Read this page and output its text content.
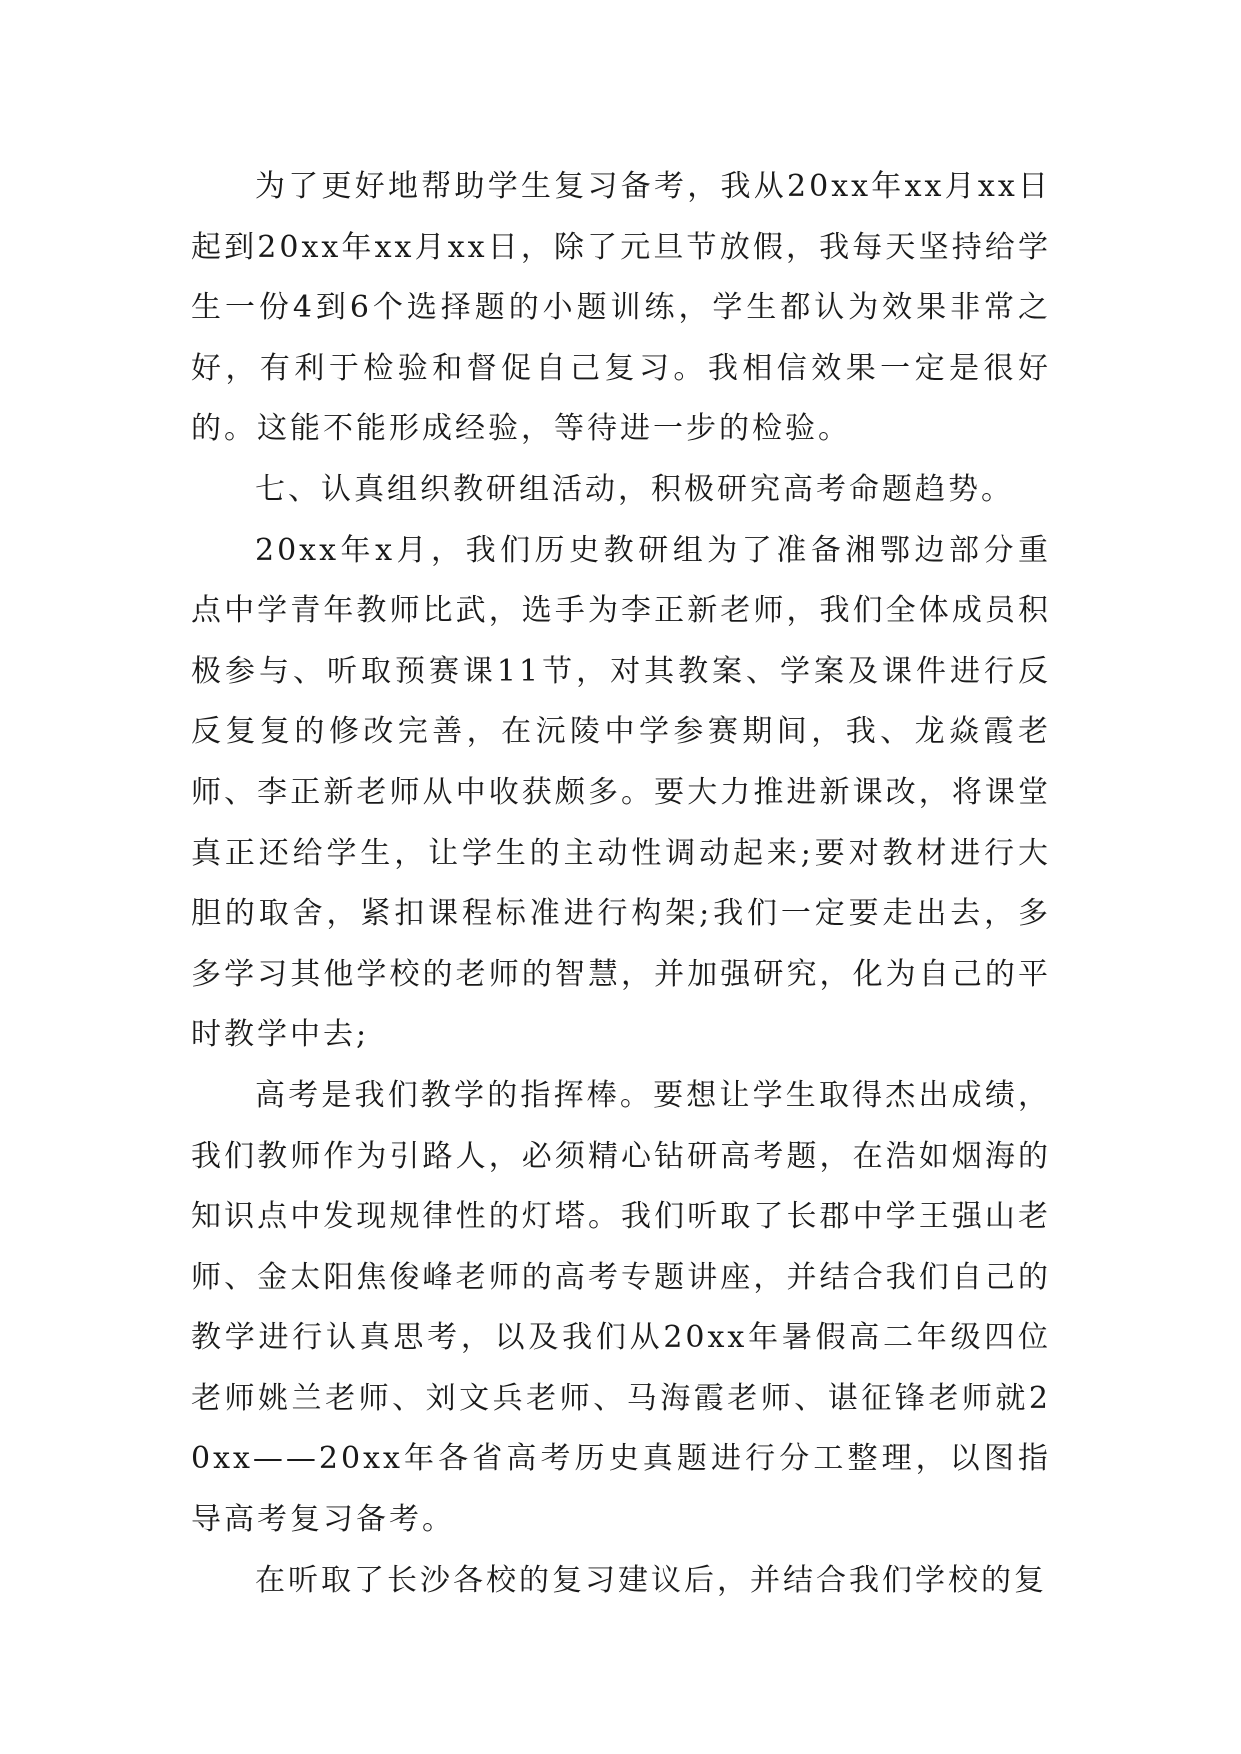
为了更好地帮助学生复习备考，我从20xx年xx月xx日起到20xx年xx月xx日，除了元旦节放假，我每天坚持给学生一份4到6个选择题的小题训练，学生都认为效果非常之好，有利于检验和督促自己复习。我相信效果一定是很好的。这能不能形成经验，等待进一步的检验。

七、认真组织教研组活动，积极研究高考命题趋势。

20xx年x月，我们历史教研组为了准备湘鄂边部分重点中学青年教师比武，选手为李正新老师，我们全体成员积极参与、听取预赛课11节，对其教案、学案及课件进行反反复复的修改完善，在沅陵中学参赛期间，我、龙焱霞老师、李正新老师从中收获颇多。要大力推进新课改，将课堂真正还给学生，让学生的主动性调动起来;要对教材进行大胆的取舍，紧扣课程标准进行构架;我们一定要走出去，多多学习其他学校的老师的智慧，并加强研究，化为自己的平时教学中去;

高考是我们教学的指挥棒。要想让学生取得杰出成绩，我们教师作为引路人，必须精心钻研高考题，在浩如烟海的知识点中发现规律性的灯塔。我们听取了长郡中学王强山老师、金太阳焦俊峰老师的高考专题讲座，并结合我们自己的教学进行认真思考，以及我们从20xx年暑假高二年级四位老师姚兰老师、刘文兵老师、马海霞老师、谌征锋老师就20xx——20xx年各省高考历史真题进行分工整理，以图指导高考复习备考。

在听取了长沙各校的复习建议后，并结合我们学校的复
